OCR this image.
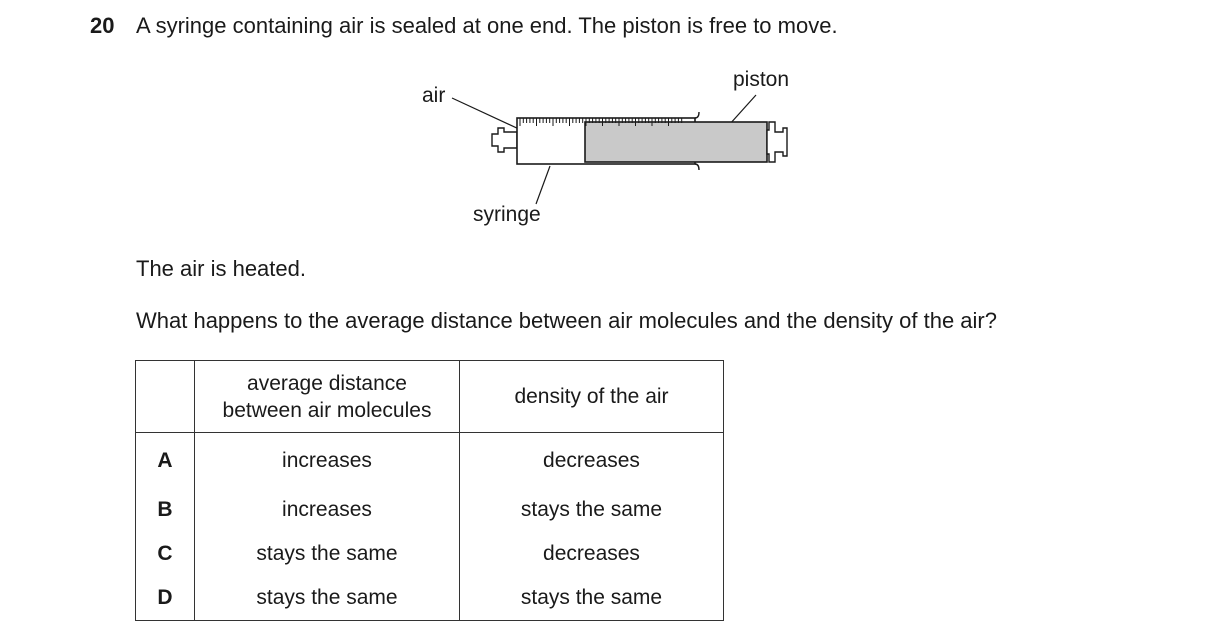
20 A syringe containing air is sealed at one end. The piston is free to move.
air
piston
syringe
The air is heated.
What happens to the average distance between air molecules and the density of the air?
	average distance
between air molecules	density of the air
A	increases	decreases
B	increases	stays the same
C	stays the same	decreases
D	stays the same	stays the same
